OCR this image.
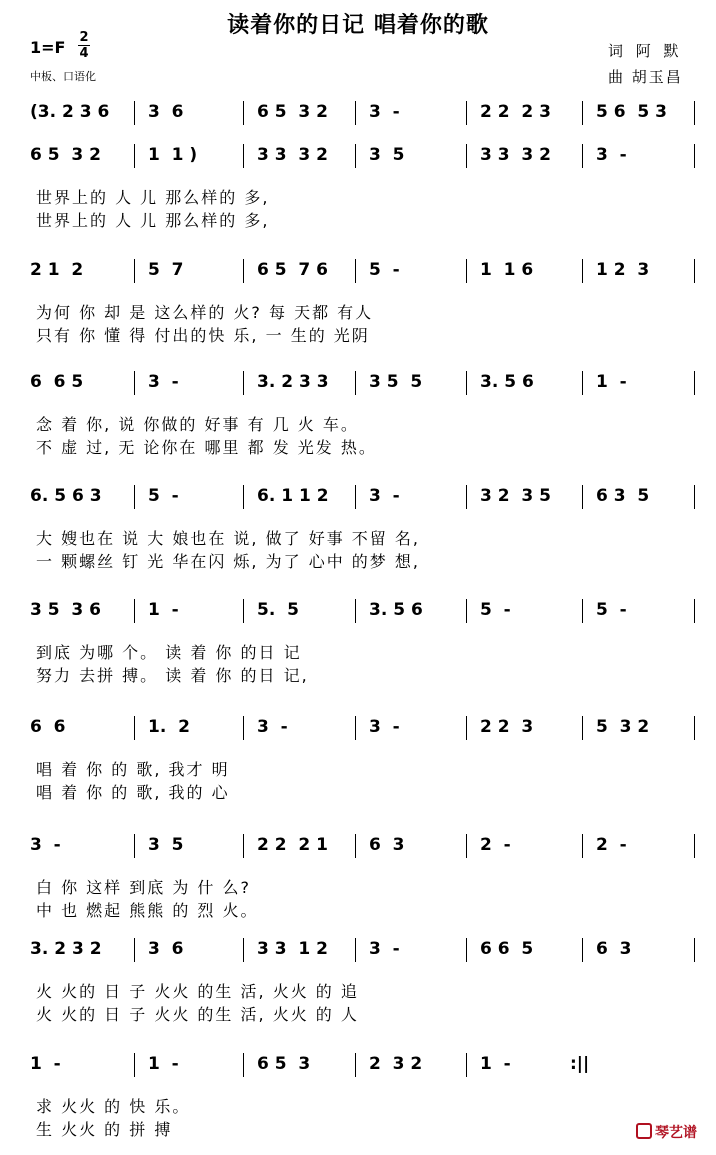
读着你的日记 唱着你的歌
1=F
2
4
中板、口语化
词 阿 默
曲 胡玉昌
琴艺谱
(3. 2 3 6	3  6	6 5  3 2	3  -	2 2  2 3	5 6  5 3
6 5  3 2	1  1 )	3 3  3 2	3  5	3 3  3 2	3  -
世界上的 人 儿 那么样的 多,
世界上的 人 儿 那么样的 多,
2 1  2	5  7	6 5  7 6	5  -	1  1 6	1 2  3
为何 你 却 是 这么样的 火? 每 天都 有人
只有 你 懂 得 付出的快 乐, 一 生的 光阴
6  6 5	3  -	3. 2 3 3	3 5  5	3. 5 6	1  -
念 着 你, 说 你做的 好事 有 几 火 车。
不 虚 过, 无 论你在 哪里 都 发 光发 热。
6. 5 6 3	5  -	6. 1 1 2	3  -	3 2  3 5	6 3  5
大 嫂也在 说 大 娘也在 说, 做了 好事 不留 名,
一 颗螺丝 钉 光 华在闪 烁, 为了 心中 的梦 想,
3 5  3 6	1  -	5.  5	3. 5 6	5  -	5  -
到底 为哪 个。 读 着 你 的日 记
努力 去拼 搏。 读 着 你 的日 记,
6  6	1.  2	3  -	3  -	2 2  3	5  3 2
唱 着 你 的 歌, 我才 明
唱 着 你 的 歌, 我的 心
3  -	3  5	2 2  2 1	6  3	2  -	2  -
白 你 这样 到底 为 什 么?
中 也 燃起 熊熊 的 烈 火。
3. 2 3 2	3  6	3 3  1 2	3  -	6 6  5	6  3
火 火的 日 子 火火 的生 活, 火火 的 追
火 火的 日 子 火火 的生 活, 火火 的 人
1  -	1  -	6 5  3	2  3 2	1  -	:||
求 火火 的 快 乐。
生 火火 的 拼 搏
